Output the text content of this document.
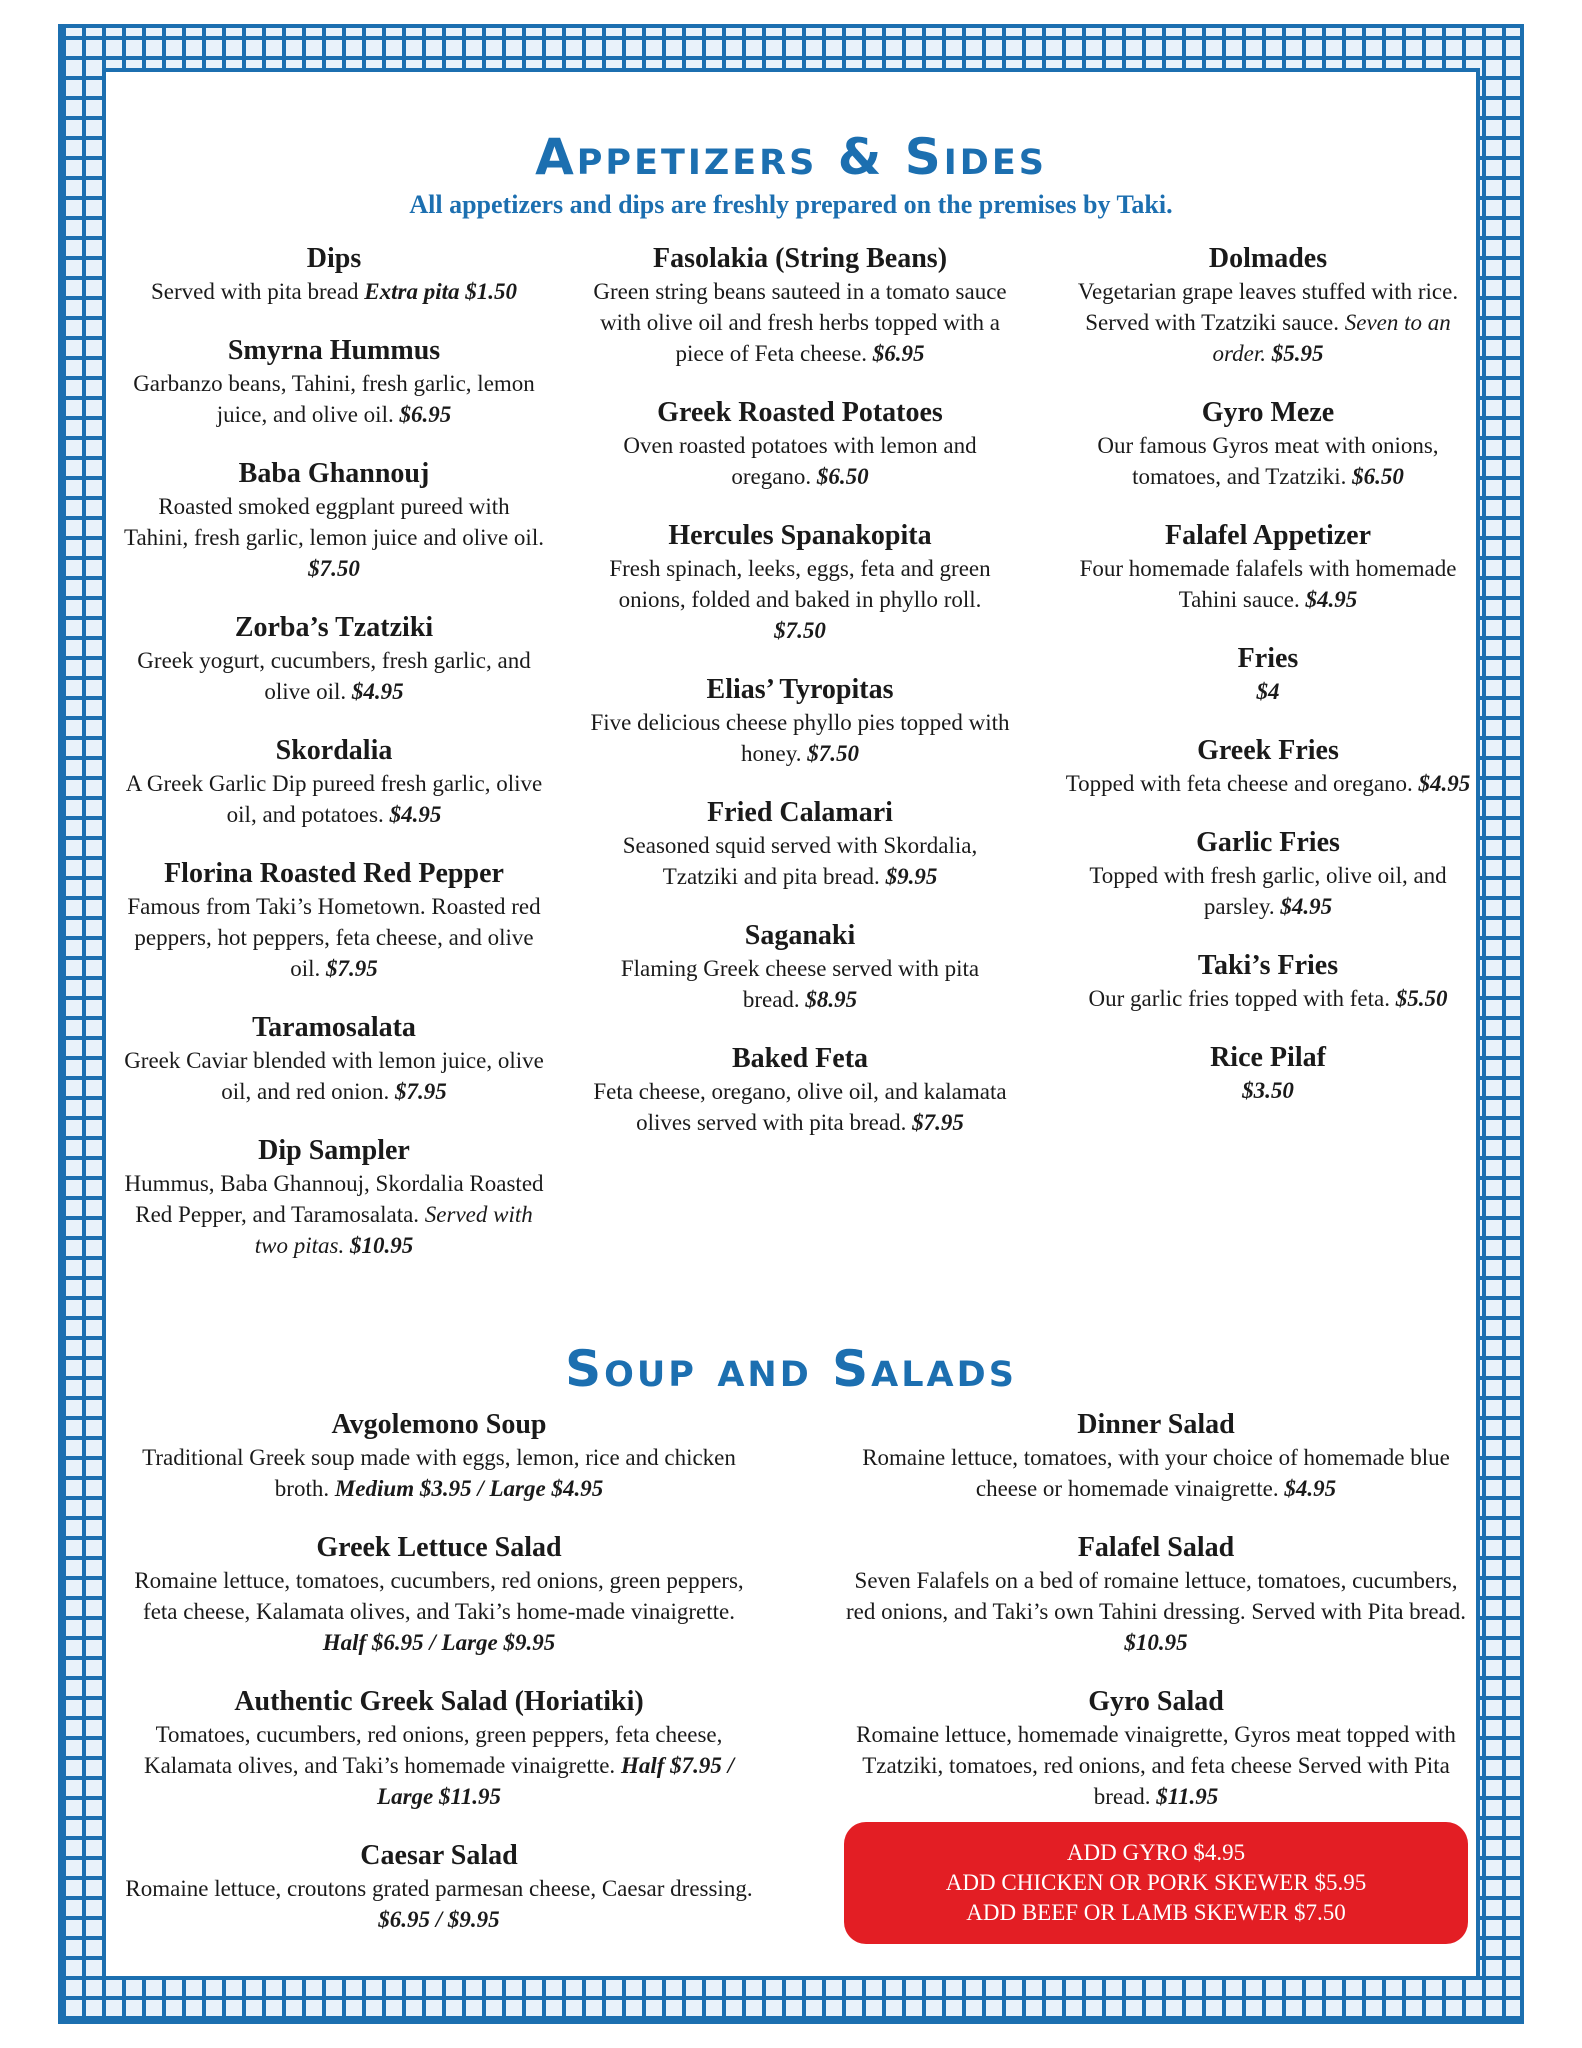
Appetizers & Sides
All appetizers and dips are freshly prepared on the premises by Taki.
Dips
Served with pita bread Extra pita $1.50
Smyrna Hummus
Garbanzo beans, Tahini, fresh garlic, lemon juice, and olive oil. $6.95
Baba Ghannouj
Roasted smoked eggplant pureed with Tahini, fresh garlic, lemon juice and olive oil. $7.50
Zorba’s Tzatziki
Greek yogurt, cucumbers, fresh garlic, and olive oil. $4.95
Skordalia
A Greek Garlic Dip pureed fresh garlic, olive oil, and potatoes. $4.95
Florina Roasted Red Pepper
Famous from Taki’s Hometown. Roasted red peppers, hot peppers, feta cheese, and olive oil. $7.95
Taramosalata
Greek Caviar blended with lemon juice, olive oil, and red onion. $7.95
Dip Sampler
Hummus, Baba Ghannouj, Skordalia Roasted Red Pepper, and Taramosalata. Served with two pitas. $10.95
Fasolakia (String Beans)
Green string beans sauteed in a tomato sauce with olive oil and fresh herbs topped with a piece of Feta cheese. $6.95
Greek Roasted Potatoes
Oven roasted potatoes with lemon and oregano. $6.50
Hercules Spanakopita
Fresh spinach, leeks, eggs, feta and green onions, folded and baked in phyllo roll. $7.50
Elias’ Tyropitas
Five delicious cheese phyllo pies topped with honey. $7.50
Fried Calamari
Seasoned squid served with Skordalia, Tzatziki and pita bread. $9.95
Saganaki
Flaming Greek cheese served with pita bread. $8.95
Baked Feta
Feta cheese, oregano, olive oil, and kalamata olives served with pita bread. $7.95
Dolmades
Vegetarian grape leaves stuffed with rice. Served with Tzatziki sauce. Seven to an order. $5.95
Gyro Meze
Our famous Gyros meat with onions, tomatoes, and Tzatziki. $6.50
Falafel Appetizer
Four homemade falafels with homemade Tahini sauce. $4.95
Fries
$4
Greek Fries
Topped with feta cheese and oregano. $4.95
Garlic Fries
Topped with fresh garlic, olive oil, and parsley. $4.95
Taki’s Fries
Our garlic fries topped with feta. $5.50
Rice Pilaf
$3.50
Soup and Salads
Avgolemono Soup
Traditional Greek soup made with eggs, lemon, rice and chicken broth. Medium $3.95 / Large $4.95
Greek Lettuce Salad
Romaine lettuce, tomatoes, cucumbers, red onions, green peppers, feta cheese, Kalamata olives, and Taki’s home-made vinaigrette. Half $6.95 / Large $9.95
Authentic Greek Salad (Horiatiki)
Tomatoes, cucumbers, red onions, green peppers, feta cheese, Kalamata olives, and Taki’s homemade vinaigrette. Half $7.95 / Large $11.95
Caesar Salad
Romaine lettuce, croutons grated parmesan cheese, Caesar dressing. $6.95 / $9.95
Dinner Salad
Romaine lettuce, tomatoes, with your choice of homemade blue cheese or homemade vinaigrette. $4.95
Falafel Salad
Seven Falafels on a bed of romaine lettuce, tomatoes, cucumbers, red onions, and Taki’s own Tahini dressing. Served with Pita bread. $10.95
Gyro Salad
Romaine lettuce, homemade vinaigrette, Gyros meat topped with Tzatziki, tomatoes, red onions, and feta cheese Served with Pita bread. $11.95
ADD GYRO $4.95
ADD CHICKEN OR PORK SKEWER $5.95
ADD BEEF OR LAMB SKEWER $7.50
